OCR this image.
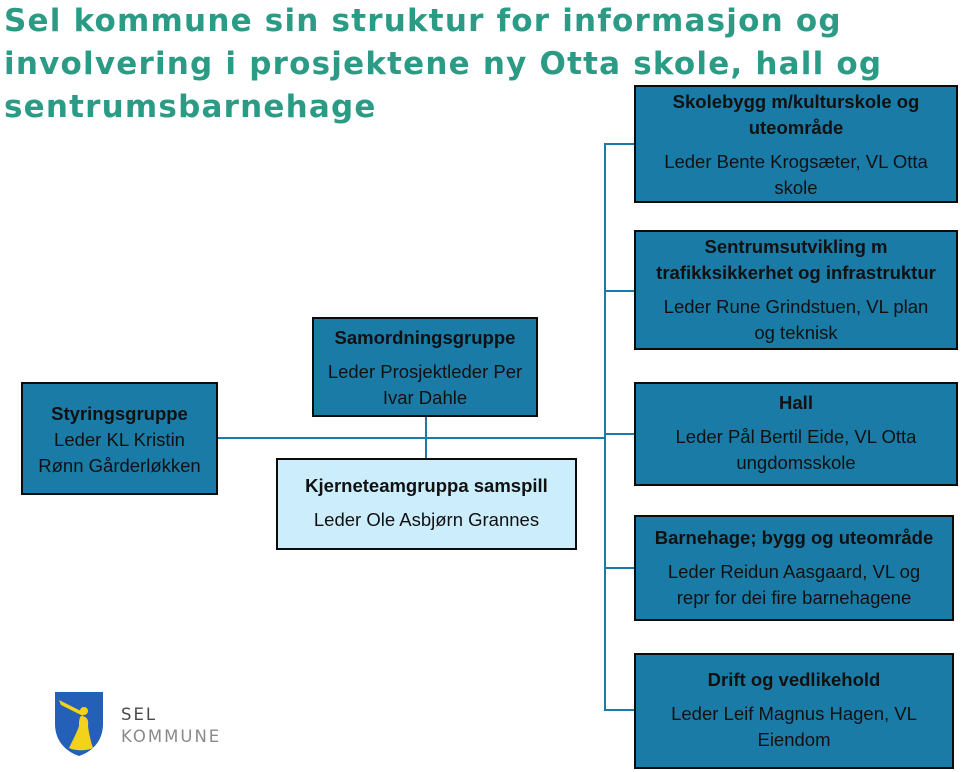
Sel kommune sin struktur for informasjon og
involvering i prosjektene ny Otta skole, hall og
sentrumsbarnehage
Styringsgruppe
Leder KL Kristin
Rønn Gårderløkken
Samordningsgruppe
Leder Prosjektleder Per
Ivar Dahle
Kjerneteamgruppa samspill
Leder Ole Asbjørn Grannes
Skolebygg m/kulturskole og
uteområde
Leder Bente Krogsæter, VL Otta
skole
Sentrumsutvikling m
trafikksikkerhet og infrastruktur
Leder Rune Grindstuen, VL plan
og teknisk
Hall
Leder Pål Bertil Eide, VL Otta
ungdomsskole
Barnehage; bygg og uteområde
Leder Reidun Aasgaard, VL og
repr for dei fire barnehagene
Drift og vedlikehold
Leder Leif Magnus Hagen, VL
Eiendom
SEL
KOMMUNE
